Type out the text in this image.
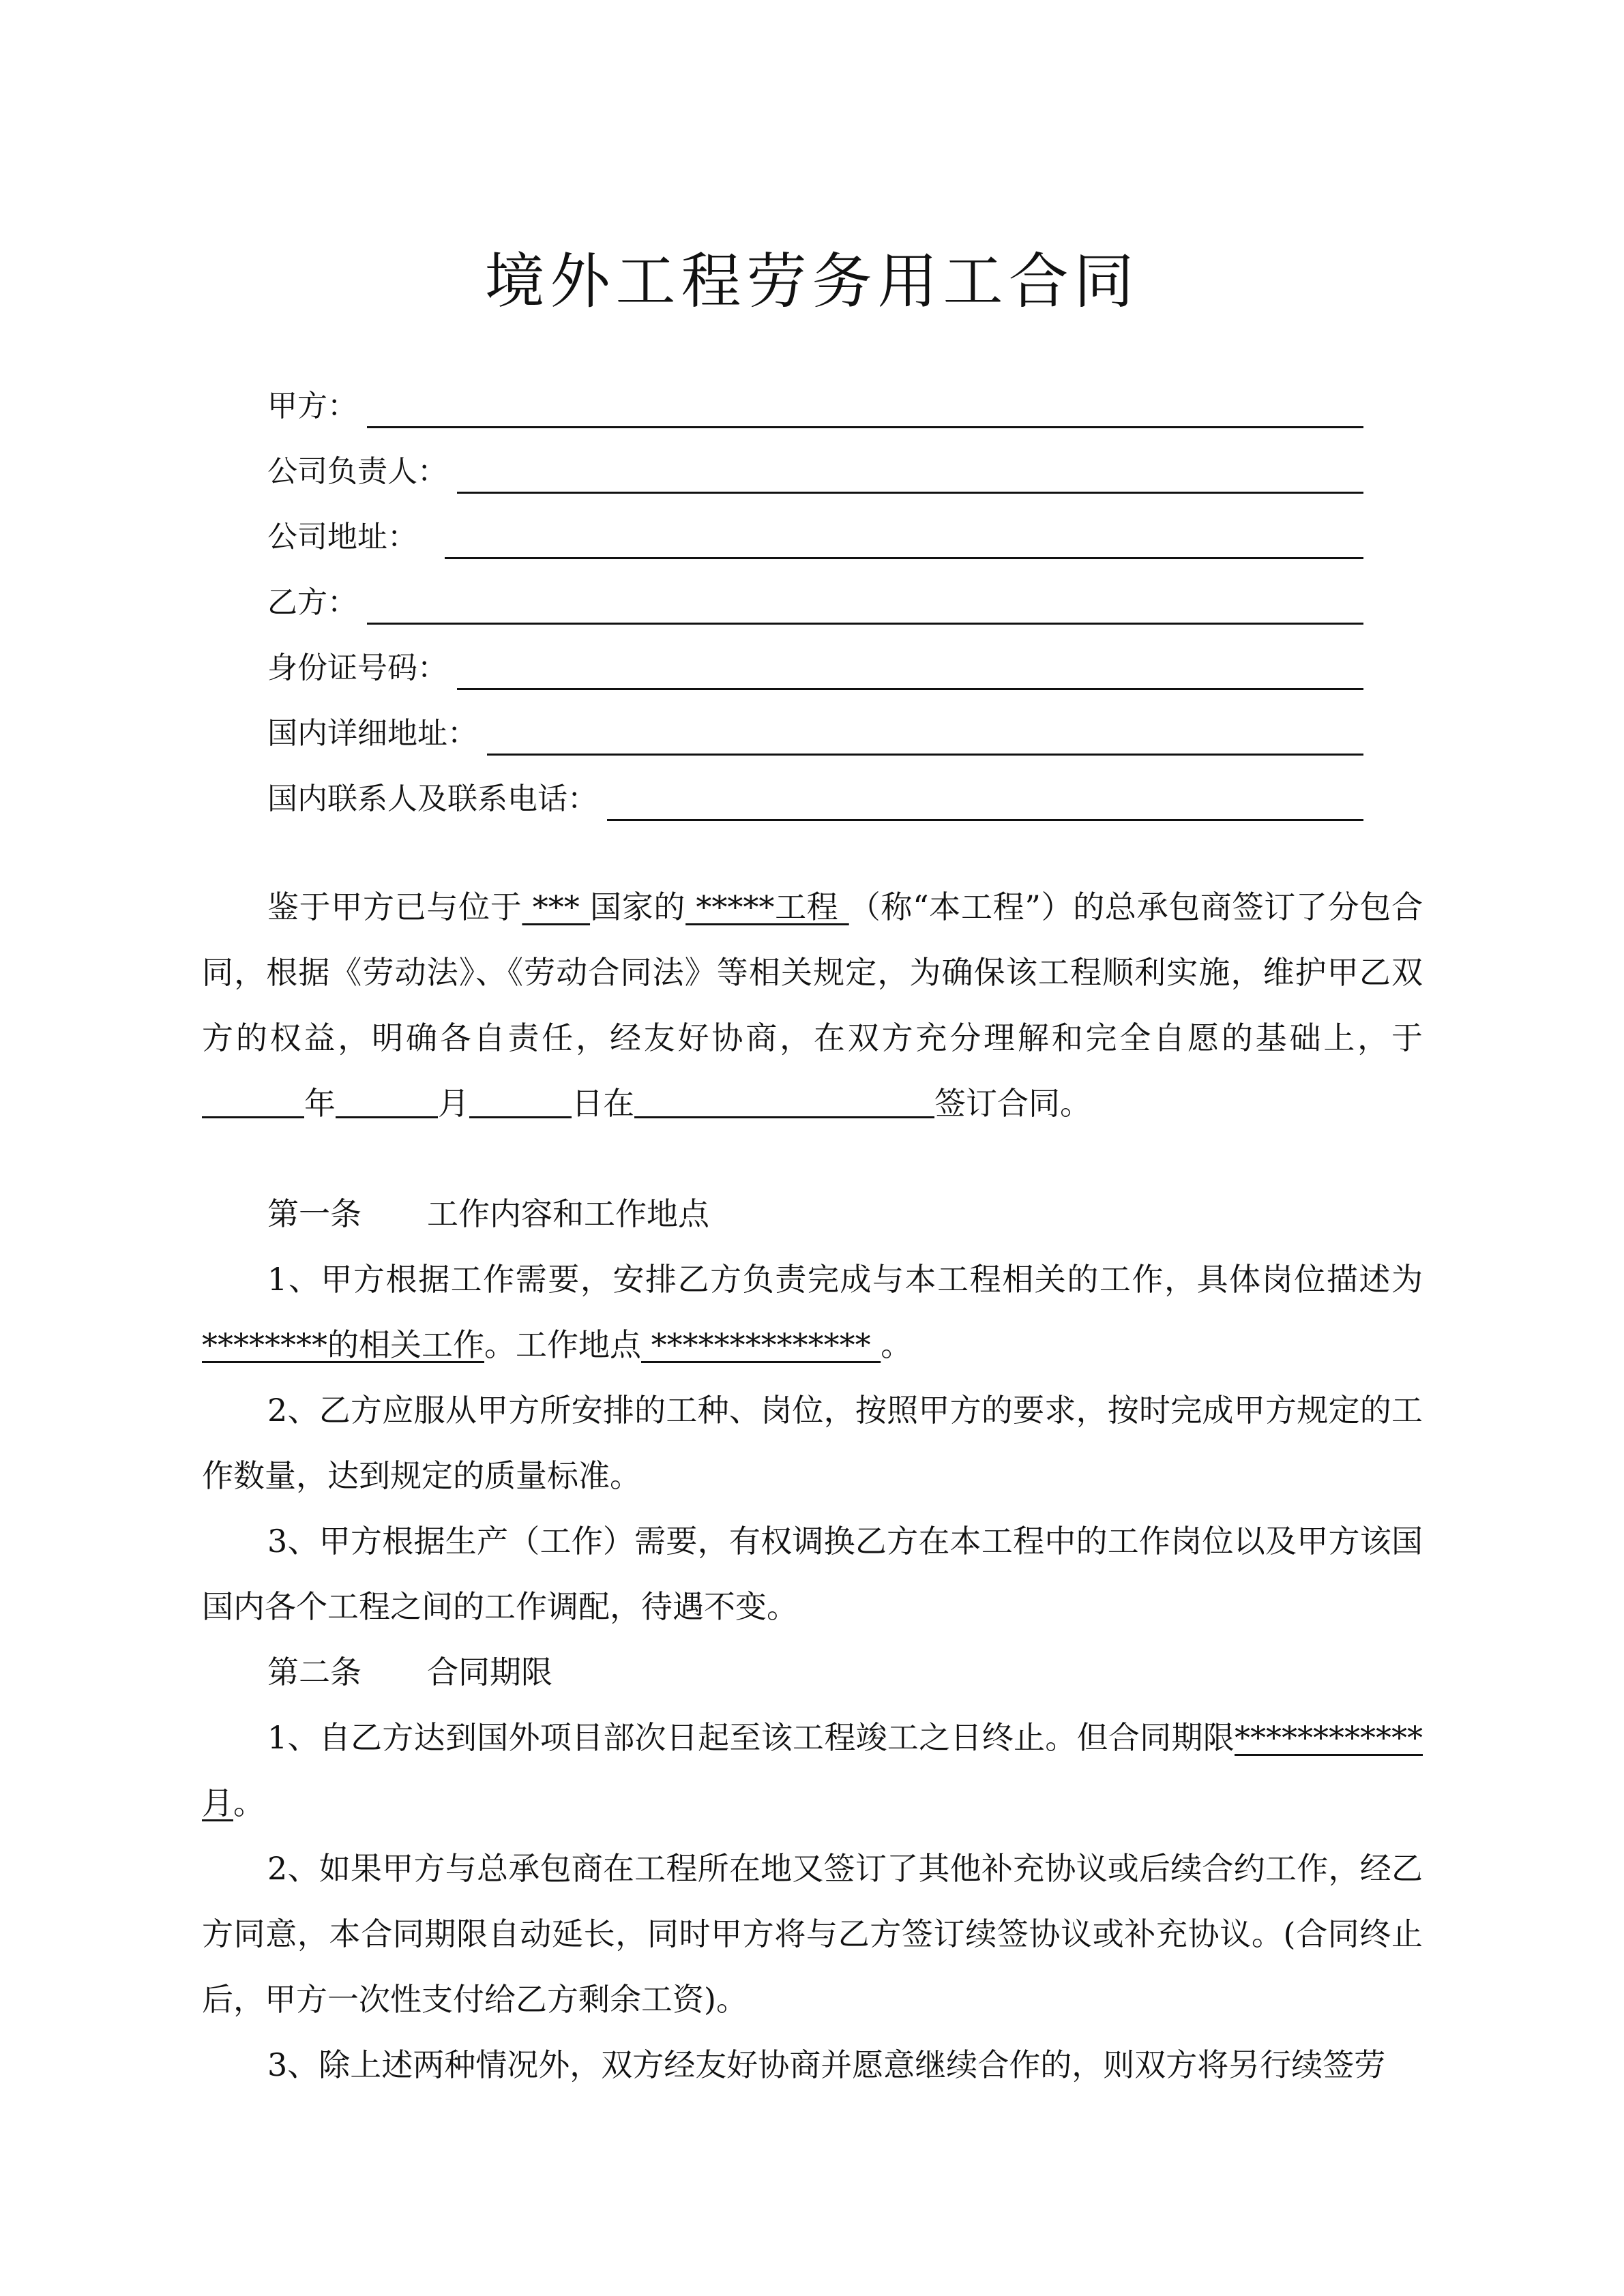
境外工程劳务用工合同
甲方：
公司负责人：
公司地址：
乙方：
身份证号码：
国内详细地址：
国内联系人及联系电话：
鉴于甲方已与位于 *** 国家的 *****工程 （称“本工程”）的总承包商签订了分包合同，根据《劳动法》、《劳动合同法》等相关规定，为确保该工程顺利实施，维护甲乙双方的权益，明确各自责任，经友好协商，在双方充分理解和完全自愿的基础上，于年	月	日在	签订合同。
第一条 工作内容和工作地点
1、甲方根据工作需要，安排乙方负责完成与本工程相关的工作，具体岗位描述为********的相关工作。工作地点 ************** 。
2、乙方应服从甲方所安排的工种、岗位，按照甲方的要求，按时完成甲方规定的工作数量，达到规定的质量标准。
3、甲方根据生产（工作）需要，有权调换乙方在本工程中的工作岗位以及甲方该国国内各个工程之间的工作调配，待遇不变。
第二条 合同期限
1、自乙方达到国外项目部次日起至该工程竣工之日终止。但合同期限************月。
2、如果甲方与总承包商在工程所在地又签订了其他补充协议或后续合约工作，经乙方同意，本合同期限自动延长，同时甲方将与乙方签订续签协议或补充协议。(合同终止后，甲方一次性支付给乙方剩余工资)。
3、除上述两种情况外，双方经友好协商并愿意继续合作的，则双方将另行续签劳
